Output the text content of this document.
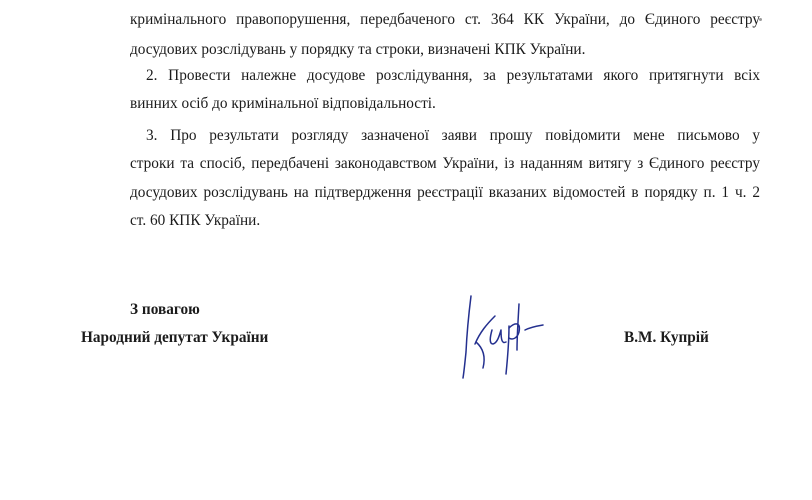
кримінального правопорушення, передбаченого ст. 364 КК України, до Єдиного реєстру
досудових розслідувань у порядку та строки, визначені КПК України.
2. Провести належне досудове розслідування, за результатами якого притягнути всіх
винних осіб до кримінальної відповідальності.
3. Про результати розгляду зазначеної заяви прошу повідомити мене письмово у
строки та спосіб, передбачені законодавством України, із наданням витягу з Єдиного реєстру
досудових розслідувань на підтвердження реєстрації вказаних відомостей в порядку п. 1 ч. 2
ст. 60 КПК України.
З повагою
Народний депутат України	В.М. Купрій
